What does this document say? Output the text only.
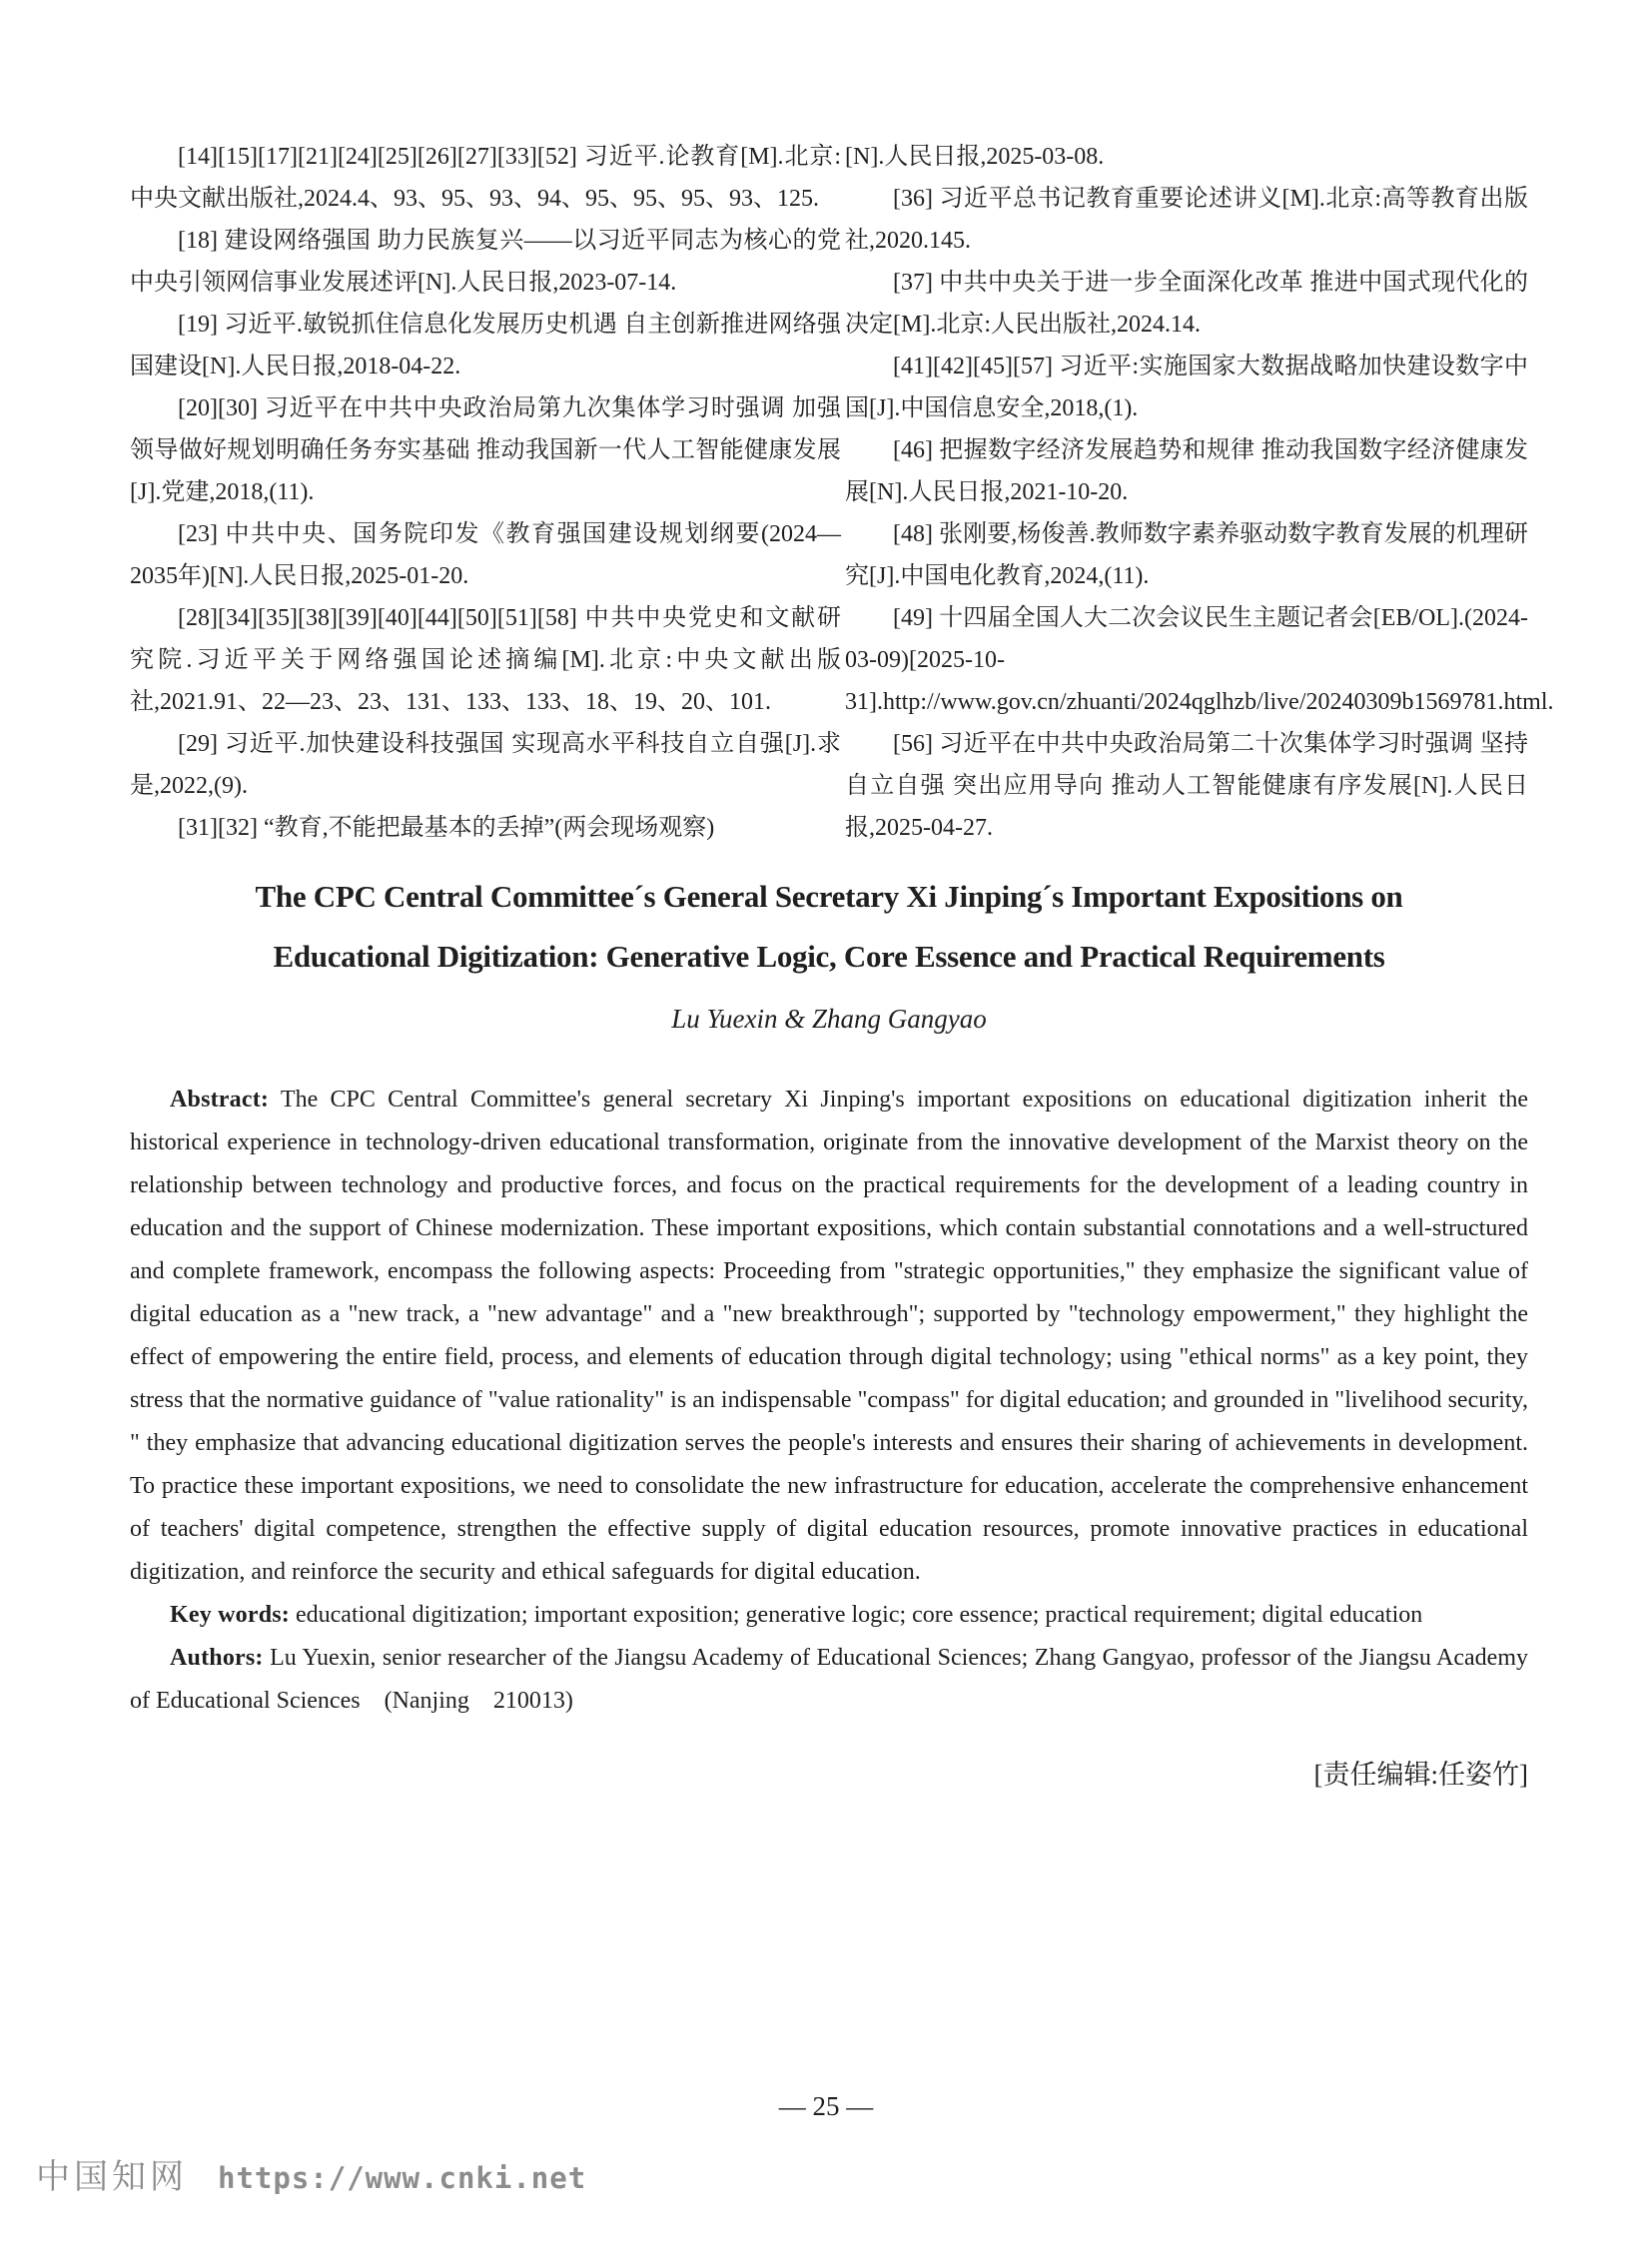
[14][15][17][21][24][25][26][27][33][52] 习近平.论教育[M].北京:中央文献出版社,2024.4、93、95、93、94、95、95、95、93、125.

[18] 建设网络强国 助力民族复兴——以习近平同志为核心的党中央引领网信事业发展述评[N].人民日报,2023-07-14.

[19] 习近平.敏锐抓住信息化发展历史机遇 自主创新推进网络强国建设[N].人民日报,2018-04-22.

[20][30] 习近平在中共中央政治局第九次集体学习时强调 加强领导做好规划明确任务夯实基础 推动我国新一代人工智能健康发展[J].党建,2018,(11).

[23] 中共中央、国务院印发《教育强国建设规划纲要(2024—2035年)[N].人民日报,2025-01-20.

[28][34][35][38][39][40][44][50][51][58] 中共中央党史和文献研究院.习近平关于网络强国论述摘编[M].北京:中央文献出版社,2021.91、22—23、23、131、133、133、18、19、20、101.

[29] 习近平.加快建设科技强国 实现高水平科技自立自强[J].求是,2022,(9).

[31][32] “教育,不能把最基本的丢掉”(两会现场观察)

[N].人民日报,2025-03-08.

[36] 习近平总书记教育重要论述讲义[M].北京:高等教育出版社,2020.145.

[37] 中共中央关于进一步全面深化改革 推进中国式现代化的决定[M].北京:人民出版社,2024.14.

[41][42][45][57] 习近平:实施国家大数据战略加快建设数字中国[J].中国信息安全,2018,(1).

[46] 把握数字经济发展趋势和规律 推动我国数字经济健康发展[N].人民日报,2021-10-20.

[48] 张刚要,杨俊善.教师数字素养驱动数字教育发展的机理研究[J].中国电化教育,2024,(11).

[49] 十四届全国人大二次会议民生主题记者会[EB/OL].(2024-03-09)[2025-10-31].http://www.gov.cn/zhuanti/2024qglhzb/live/20240309b1569781.html.

[56] 习近平在中共中央政治局第二十次集体学习时强调 坚持自立自强 突出应用导向 推动人工智能健康有序发展[N].人民日报,2025-04-27.

The CPC Central Committee´s General Secretary Xi Jinping´s Important Expositions on
Educational Digitization: Generative Logic, Core Essence and Practical Requirements
Lu Yuexin & Zhang Gangyao

Abstract: The CPC Central Committee's general secretary Xi Jinping's important expositions on educational digitization inherit the historical experience in technology-driven educational transformation, originate from the innovative development of the Marxist theory on the relationship between technology and productive forces, and focus on the practical requirements for the development of a leading country in education and the support of Chinese modernization. These important expositions, which contain substantial connotations and a well-structured and complete framework, encompass the following aspects: Proceeding from "strategic opportunities," they emphasize the significant value of digital education as a "new track, a "new advantage" and a "new breakthrough"; supported by "technology empowerment," they highlight the effect of empowering the entire field, process, and elements of education through digital technology; using "ethical norms" as a key point, they stress that the normative guidance of "value rationality" is an indispensable "compass" for digital education; and grounded in "livelihood security, " they emphasize that advancing educational digitization serves the people's interests and ensures their sharing of achievements in development. To practice these important expositions, we need to consolidate the new infrastructure for education, accelerate the comprehensive enhancement of teachers' digital competence, strengthen the effective supply of digital education resources, promote innovative practices in educational digitization, and reinforce the security and ethical safeguards for digital education.

Key words: educational digitization; important exposition; generative logic; core essence; practical requirement; digital education

Authors: Lu Yuexin, senior researcher of the Jiangsu Academy of Educational Sciences; Zhang Gangyao, professor of the Jiangsu Academy of Educational Sciences　(Nanjing　210013)

[责任编辑:任姿竹]
— 25 —
中国知网 https://www.cnki.net
